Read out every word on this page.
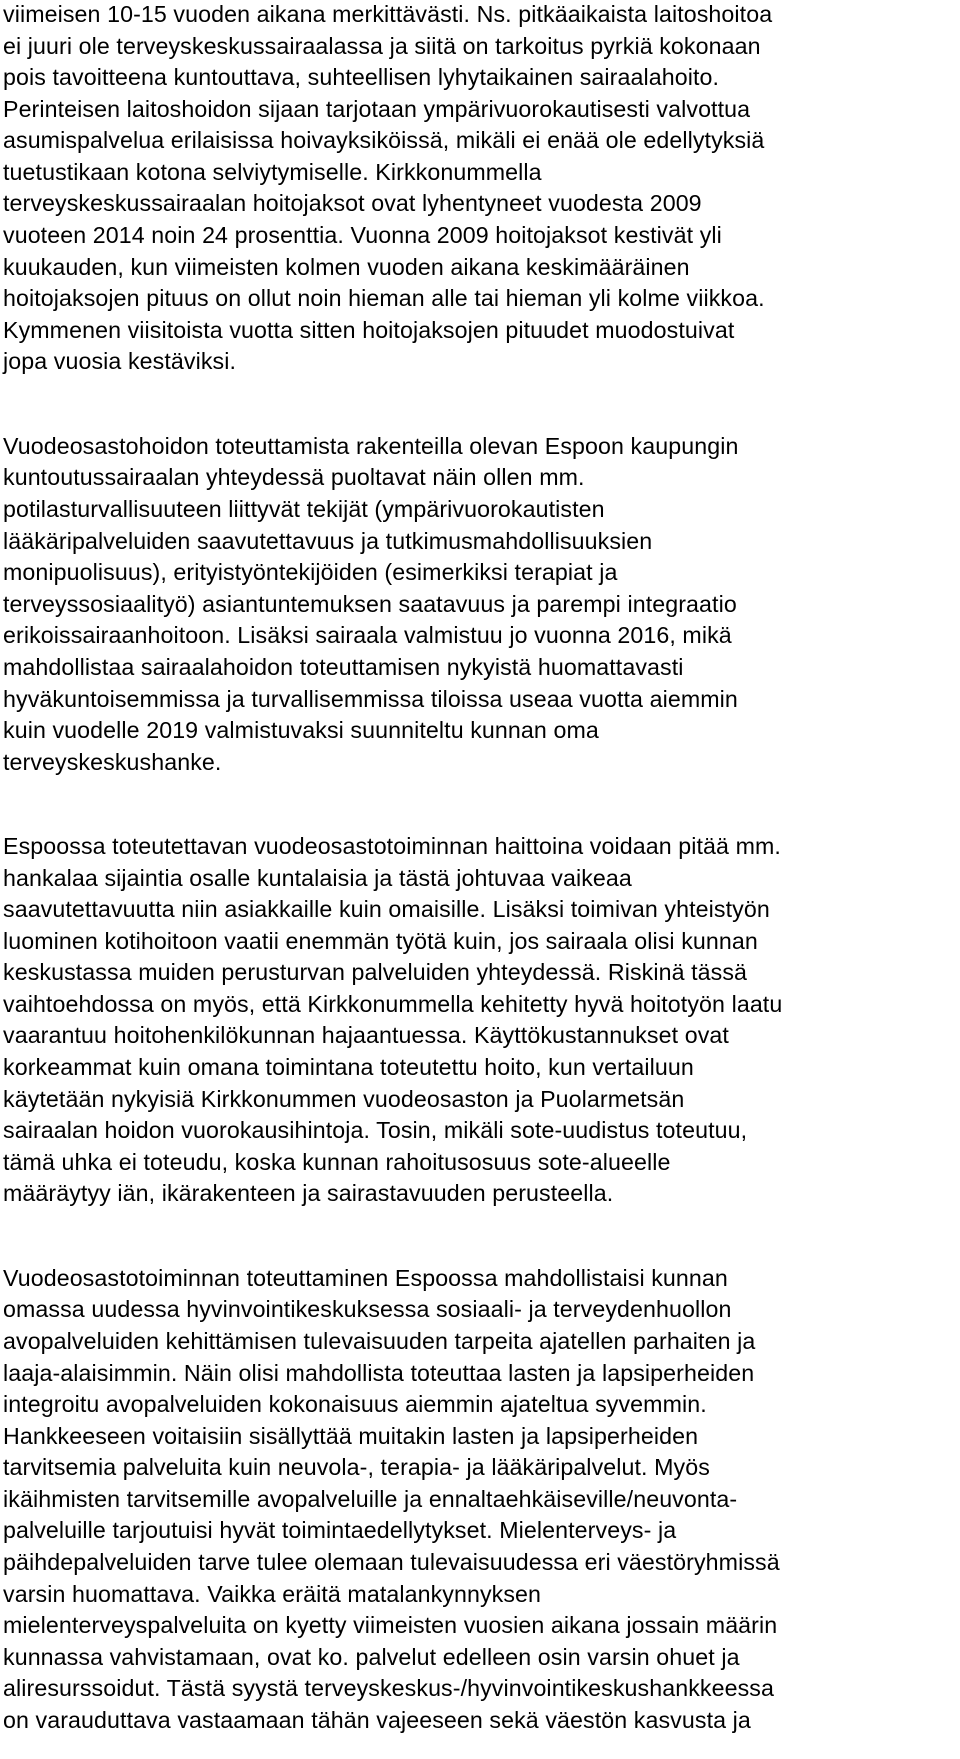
viimeisen 10-15 vuoden aikana merkittävästi. Ns. pitkäaikaista laitoshoitoa
ei juuri ole terveyskeskussairaalassa ja siitä on tarkoitus pyrkiä kokonaan
pois tavoitteena kuntouttava, suhteellisen lyhytaikainen sairaalahoito.
Perinteisen laitoshoidon sijaan tarjotaan ympärivuorokautisesti valvottua
asumispalvelua erilaisissa hoivayksiköissä, mikäli ei enää ole edellytyksiä
tuetustikaan kotona selviytymiselle. Kirkkonummella
terveyskeskussairaalan hoitojaksot ovat lyhentyneet vuodesta 2009
vuoteen 2014 noin 24 prosenttia. Vuonna 2009 hoitojaksot kestivät yli
kuukauden, kun viimeisten kolmen vuoden aikana keskimääräinen
hoitojaksojen pituus on ollut noin hieman alle tai hieman yli kolme viikkoa.
Kymmenen viisitoista vuotta sitten hoitojaksojen pituudet muodostuivat
jopa vuosia kestäviksi.
Vuodeosastohoidon toteuttamista rakenteilla olevan Espoon kaupungin
kuntoutussairaalan yhteydessä puoltavat näin ollen mm.
potilasturvallisuuteen liittyvät tekijät (ympärivuorokautisten
lääkäripalveluiden saavutettavuus ja tutkimusmahdollisuuksien
monipuolisuus), erityistyöntekijöiden (esimerkiksi terapiat ja
terveyssosiaalityö) asiantuntemuksen saatavuus ja parempi integraatio
erikoissairaanhoitoon. Lisäksi sairaala valmistuu jo vuonna 2016, mikä
mahdollistaa sairaalahoidon toteuttamisen nykyistä huomattavasti
hyväkuntoisemmissa ja turvallisemmissa tiloissa useaa vuotta aiemmin
kuin vuodelle 2019 valmistuvaksi suunniteltu kunnan oma
terveyskeskushanke.
Espoossa toteutettavan vuodeosastotoiminnan haittoina voidaan pitää mm.
hankalaa sijaintia osalle kuntalaisia ja tästä johtuvaa vaikeaa
saavutettavuutta niin asiakkaille kuin omaisille. Lisäksi toimivan yhteistyön
luominen kotihoitoon vaatii enemmän työtä kuin, jos sairaala olisi kunnan
keskustassa muiden perusturvan palveluiden yhteydessä. Riskinä tässä
vaihtoehdossa on myös, että Kirkkonummella kehitetty hyvä hoitotyön laatu
vaarantuu hoitohenkilökunnan hajaantuessa. Käyttökustannukset ovat
korkeammat kuin omana toimintana toteutettu hoito, kun vertailuun
käytetään nykyisiä Kirkkonummen vuodeosaston ja Puolarmetsän
sairaalan hoidon vuorokausihintoja. Tosin, mikäli sote-uudistus toteutuu,
tämä uhka ei toteudu, koska kunnan rahoitusosuus sote-alueelle
määräytyy iän, ikärakenteen ja sairastavuuden perusteella.
Vuodeosastotoiminnan toteuttaminen Espoossa mahdollistaisi kunnan
omassa uudessa hyvinvointikeskuksessa sosiaali- ja terveydenhuollon
avopalveluiden kehittämisen tulevaisuuden tarpeita ajatellen parhaiten ja
laaja-alaisimmin. Näin olisi mahdollista toteuttaa lasten ja lapsiperheiden
integroitu avopalveluiden kokonaisuus aiemmin ajateltua syvemmin.
Hankkeeseen voitaisiin sisällyttää muitakin lasten ja lapsiperheiden
tarvitsemia palveluita kuin neuvola-, terapia- ja lääkäripalvelut. Myös
ikäihmisten tarvitsemille avopalveluille ja ennaltaehkäiseville/neuvonta-
palveluille tarjoutuisi hyvät toimintaedellytykset. Mielenterveys- ja
päihdepalveluiden tarve tulee olemaan tulevaisuudessa eri väestöryhmissä
varsin huomattava. Vaikka eräitä matalankynnyksen
mielenterveyspalveluita on kyetty viimeisten vuosien aikana jossain määrin
kunnassa vahvistamaan, ovat ko. palvelut edelleen osin varsin ohuet ja
aliresurssoidut. Tästä syystä terveyskeskus-/hyvinvointikeskushankkeessa
on varauduttava vastaamaan tähän vajeeseen sekä väestön kasvusta ja
